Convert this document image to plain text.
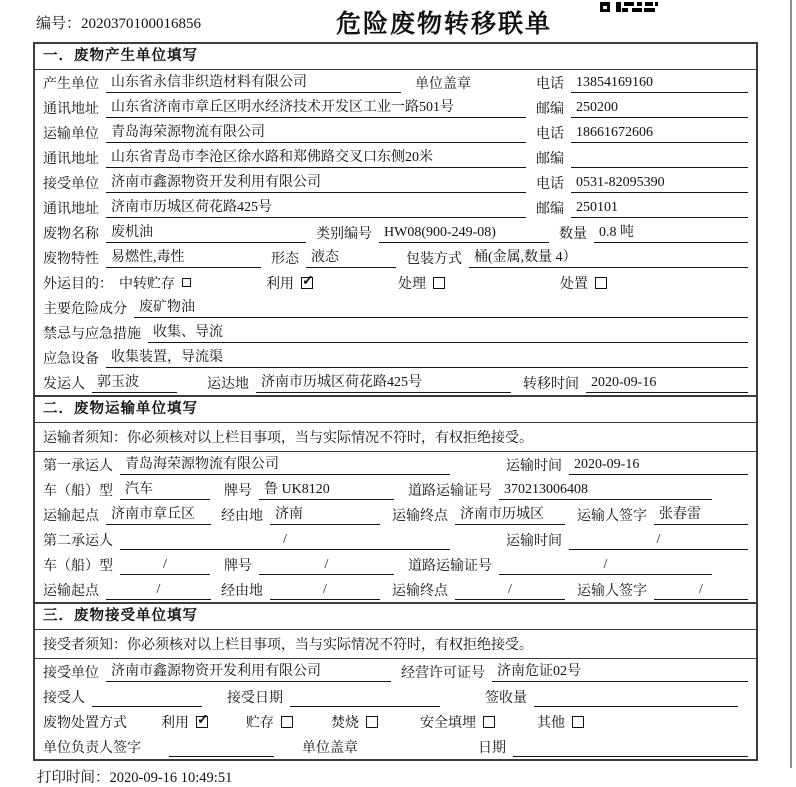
编号：2020370100016856	危险废物转移联单
一．废物产生单位填写
产生单位 山东省永信非织造材料有限公司	单位盖章	电话 13854169160
通讯地址 山东省济南市章丘区明水经济技术开发区工业一路501号	邮编 250200
运输单位 青岛海荣源物流有限公司	电话 18661672606
通讯地址 山东省青岛市李沧区徐水路和郑佛路交叉口东侧20米	邮编
接受单位 济南市鑫源物资开发利用有限公司	电话 0531-82095390
通讯地址 济南市历城区荷花路425号	邮编 250101
废物名称 废机油	类别编号 HW08(900-249-08)	数量 0.8 吨
废物特性 易燃性,毒性	形态 液态	包装方式 桶(金属,数量 4）
外运目的： 中转贮存	利用 ✓	处理	处置
主要危险成分 废矿物油
禁忌与应急措施 收集、导流
应急设备 收集装置，导流渠
发运人 郭玉波	运达地 济南市历城区荷花路425号	转移时间 2020-09-16
二．废物运输单位填写
运输者须知： 你必须核对以上栏目事项，当与实际情况不符时，有权拒绝接受。
第一承运人 青岛海荣源物流有限公司	运输时间 2020-09-16
车（船）型 汽车	牌号 鲁 UK8120	道路运输证号 370213006408
运输起点 济南市章丘区	经由地 济南	运输终点 济南市历城区	运输人签字 张春雷
第二承运人	/	运输时间	/
车（船）型	/	牌号	/	道路运输证号	/
运输起点	/	经由地	/	运输终点	/	运输人签字	/
三．废物接受单位填写
接受者须知： 你必须核对以上栏目事项，当与实际情况不符时，有权拒绝接受。
接受单位 济南市鑫源物资开发利用有限公司	经营许可证号 济南危证02号
接受人	接受日期	签收量
废物处置方式 利用 ✓	贮存	焚烧	安全填埋	其他
单位负责人签字	单位盖章	日期
打印时间：2020-09-16 10:49:51
